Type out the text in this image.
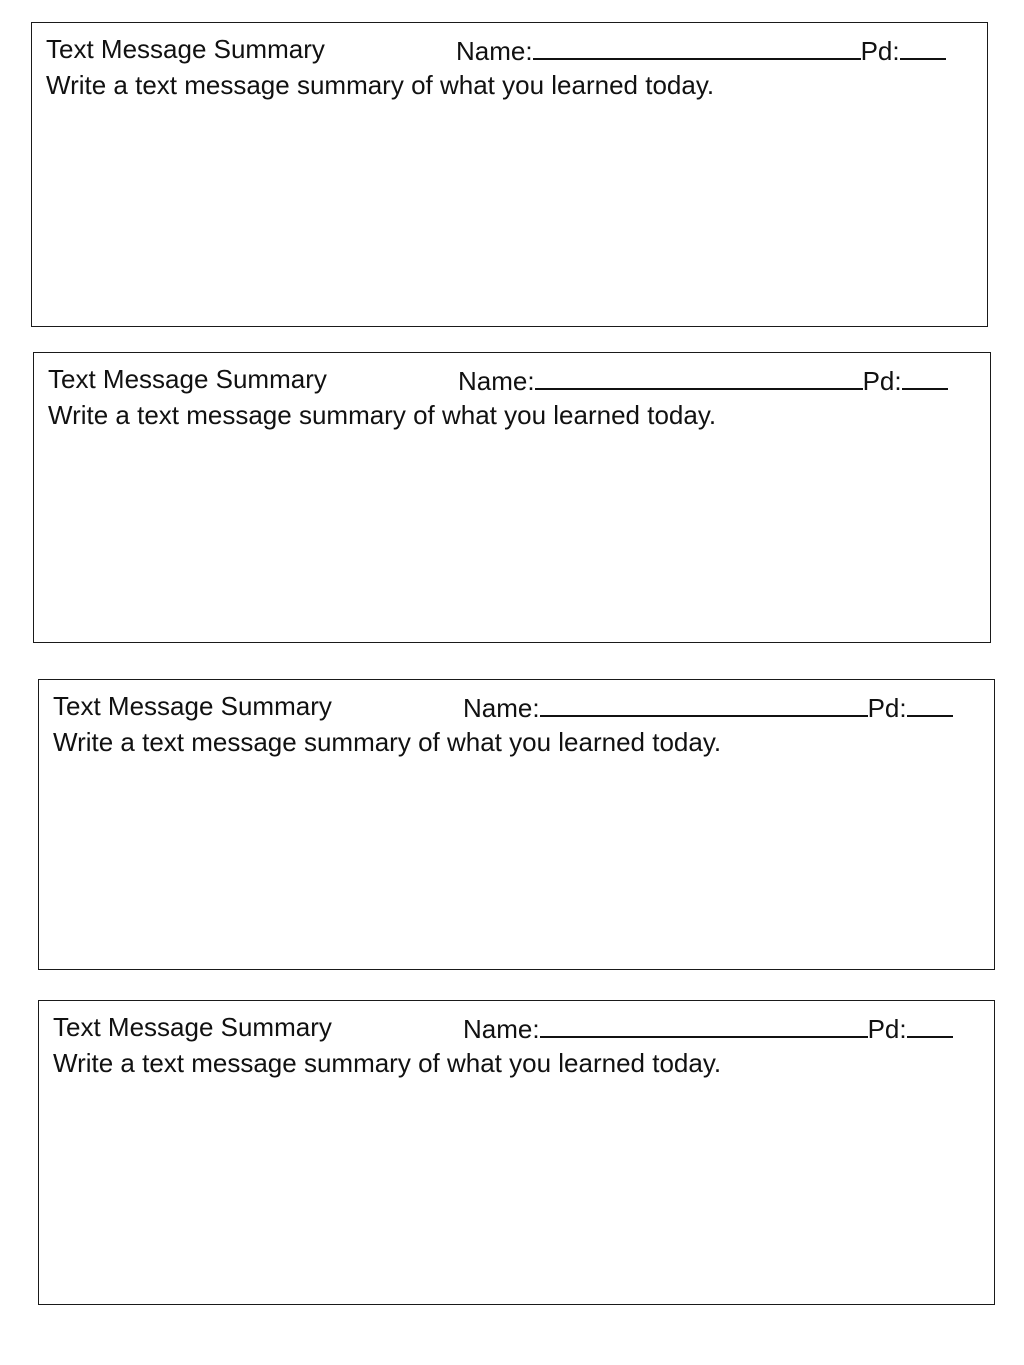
Text Message Summary	Name:	Pd:
Write a text message summary of what you learned today.
Text Message Summary	Name:	Pd:
Write a text message summary of what you learned today.
Text Message Summary	Name:	Pd:
Write a text message summary of what you learned today.
Text Message Summary	Name:	Pd:
Write a text message summary of what you learned today.
